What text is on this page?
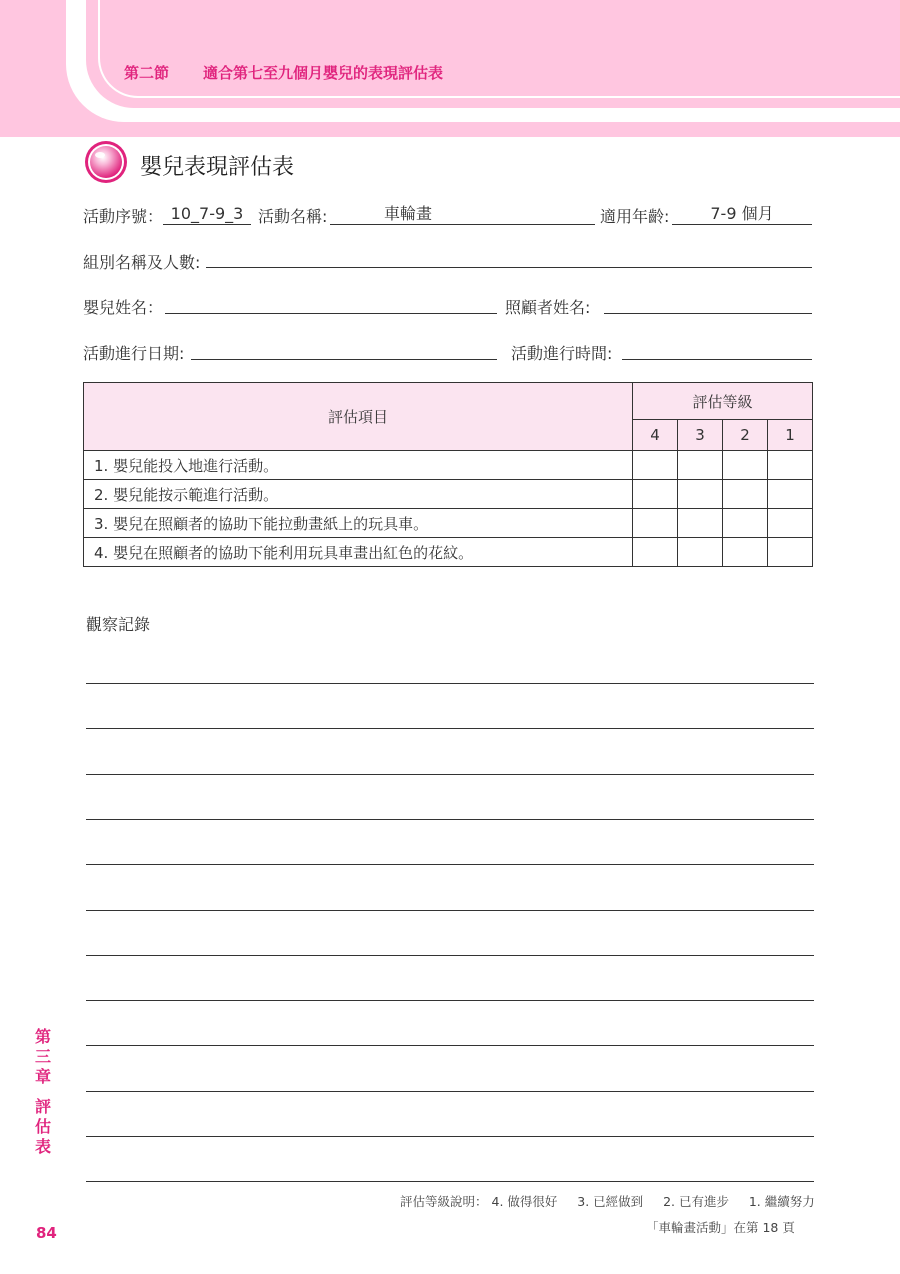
第二節 適合第七至九個月嬰兒的表現評估表
嬰兒表現評估表
活動序號： 10_7-9_3 活動名稱:	車輪畫	適用年齡:	7-9 個月
組別名稱及人數:
嬰兒姓名：	照顧者姓名:
活動進行日期:	活動進行時間:
評估項目	評估等級			
	4	3	2	1
1. 嬰兒能投入地進行活動。				
2. 嬰兒能按示範進行活動。				
3. 嬰兒在照顧者的協助下能拉動畫紙上的玩具車。				
4. 嬰兒在照顧者的協助下能利用玩具車畫出紅色的花紋。				
觀察記錄
第
三
章
評
估
表
84
評估等級說明： 4. 做得很好 3. 已經做到 2. 已有進步 1. 繼續努力
「車輪畫活動」在第 18 頁
